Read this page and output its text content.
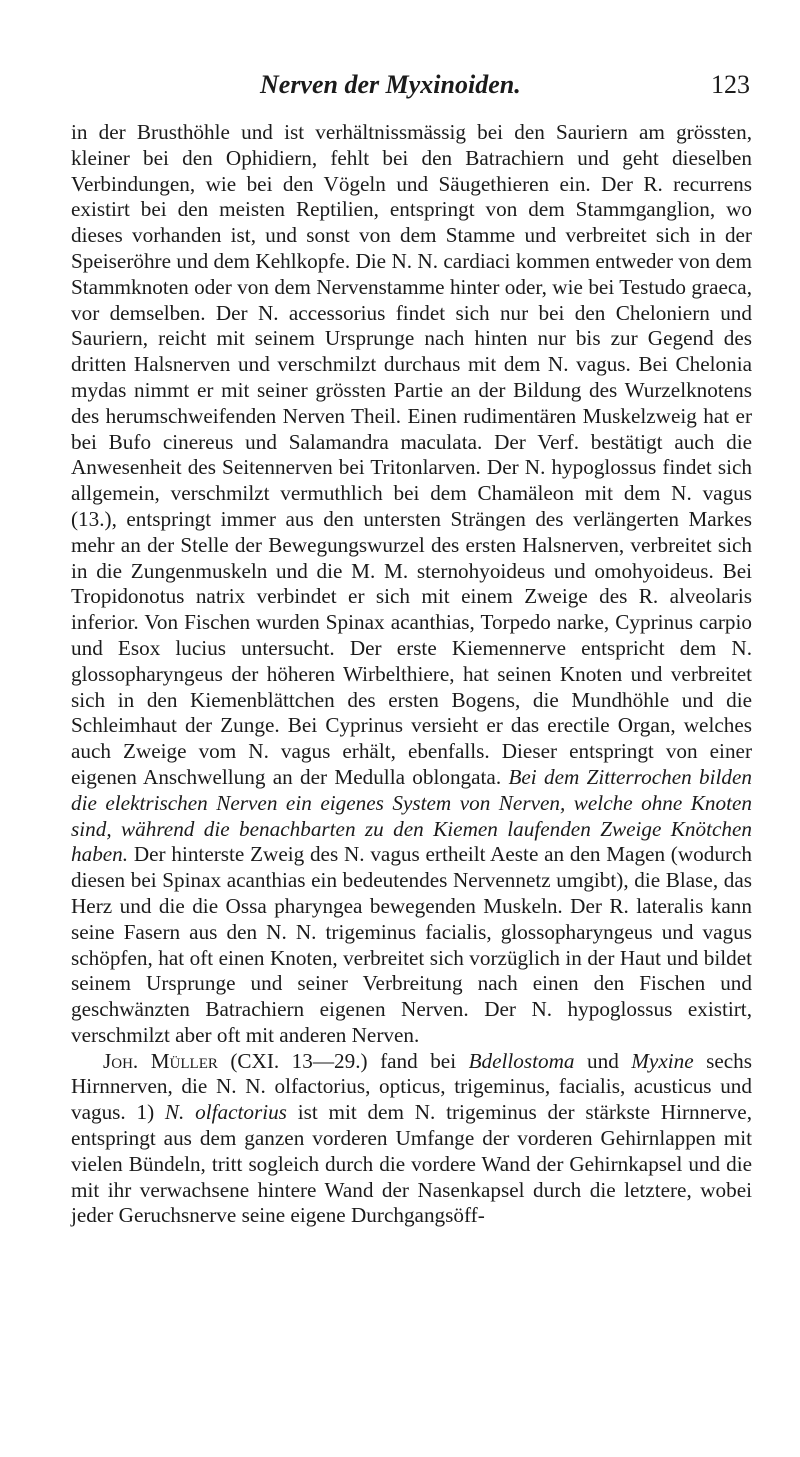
Nerven der Myxinoiden.	123

in der Brusthöhle und ist verhältnissmässig bei den Sauriern am grössten, kleiner bei den Ophidiern, fehlt bei den Batrachiern und geht dieselben Verbindungen, wie bei den Vögeln und Säugethieren ein. Der R. recurrens existirt bei den meisten Reptilien, entspringt von dem Stammganglion, wo dieses vorhanden ist, und sonst von dem Stamme und verbreitet sich in der Speiseröhre und dem Kehlkopfe. Die N. N. cardiaci kommen entweder von dem Stammknoten oder von dem Nervenstamme hinter oder, wie bei Testudo graeca, vor demselben. Der N. accessorius findet sich nur bei den Cheloniern und Sauriern, reicht mit seinem Ursprunge nach hinten nur bis zur Gegend des dritten Halsnerven und verschmilzt durchaus mit dem N. vagus. Bei Chelonia mydas nimmt er mit seiner grössten Partie an der Bildung des Wurzelknotens des herumschweifenden Nerven Theil. Einen rudimentären Muskelzweig hat er bei Bufo cinereus und Salamandra maculata. Der Verf. bestätigt auch die Anwesenheit des Seitennerven bei Tritonlarven. Der N. hypoglossus findet sich allgemein, verschmilzt vermuthlich bei dem Chamäleon mit dem N. vagus (13.), entspringt immer aus den untersten Strängen des verlängerten Markes mehr an der Stelle der Bewegungswurzel des ersten Halsnerven, verbreitet sich in die Zungenmuskeln und die M. M. sternohyoideus und omohyoideus. Bei Tropidonotus natrix verbindet er sich mit einem Zweige des R. alveolaris inferior. Von Fischen wurden Spinax acanthias, Torpedo narke, Cyprinus carpio und Esox lucius untersucht. Der erste Kiemennerve entspricht dem N. glossopharyngeus der höheren Wirbelthiere, hat seinen Knoten und verbreitet sich in den Kiemenblättchen des ersten Bogens, die Mundhöhle und die Schleimhaut der Zunge. Bei Cyprinus versieht er das erectile Organ, welches auch Zweige vom N. vagus erhält, ebenfalls. Dieser entspringt von einer eigenen Anschwellung an der Medulla oblongata. Bei dem Zitterrochen bilden die elektrischen Nerven ein eigenes System von Nerven, welche ohne Knoten sind, während die benachbarten zu den Kiemen laufenden Zweige Knötchen haben. Der hinterste Zweig des N. vagus ertheilt Aeste an den Magen (wodurch diesen bei Spinax acanthias ein bedeutendes Nervennetz umgibt), die Blase, das Herz und die die Ossa pharyngea bewegenden Muskeln. Der R. lateralis kann seine Fasern aus den N. N. trigeminus facialis, glossopharyngeus und vagus schöpfen, hat oft einen Knoten, verbreitet sich vorzüglich in der Haut und bildet seinem Ursprunge und seiner Verbreitung nach einen den Fischen und geschwänzten Batrachiern eigenen Nerven. Der N. hypoglossus existirt, verschmilzt aber oft mit anderen Nerven.

Joh. Müller (CXI. 13—29.) fand bei Bdellostoma und Myxine sechs Hirnnerven, die N. N. olfactorius, opticus, trigeminus, facialis, acusticus und vagus. 1) N. olfactorius ist mit dem N. trigeminus der stärkste Hirnnerve, entspringt aus dem ganzen vorderen Umfange der vorderen Gehirnlappen mit vielen Bündeln, tritt sogleich durch die vordere Wand der Gehirnkapsel und die mit ihr verwachsene hintere Wand der Nasenkapsel durch die letztere, wobei jeder Geruchsnerve seine eigene Durchgangsöff-
